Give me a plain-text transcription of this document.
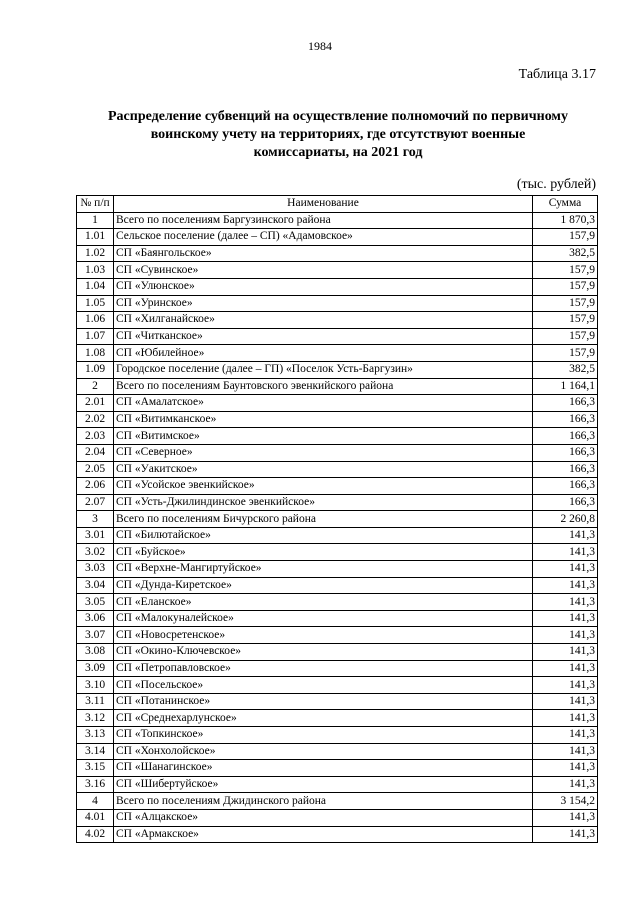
1984
Таблица 3.17
Распределение субвенций на осуществление полномочий по первичному
воинскому учету на территориях, где отсутствуют военные
комиссариаты, на 2021 год
(тыс. рублей)
№ п/п	Наименование	Сумма
1	Всего по поселениям Баргузинского района	1 870,3
1.01	Сельское поселение (далее – СП) «Адамовское»	157,9
1.02	СП «Баянгольское»	382,5
1.03	СП «Сувинское»	157,9
1.04	СП «Улюнское»	157,9
1.05	СП «Уринское»	157,9
1.06	СП «Хилганайское»	157,9
1.07	СП «Читканское»	157,9
1.08	СП «Юбилейное»	157,9
1.09	Городское поселение (далее – ГП) «Поселок Усть-Баргузин»	382,5
2	Всего по поселениям Баунтовского эвенкийского района	1 164,1
2.01	СП «Амалатское»	166,3
2.02	СП «Витимканское»	166,3
2.03	СП «Витимское»	166,3
2.04	СП «Северное»	166,3
2.05	СП «Уакитское»	166,3
2.06	СП «Усойское эвенкийское»	166,3
2.07	СП «Усть-Джилиндинское эвенкийское»	166,3
3	Всего по поселениям Бичурского района	2 260,8
3.01	СП «Билютайское»	141,3
3.02	СП «Буйское»	141,3
3.03	СП «Верхне-Мангиртуйское»	141,3
3.04	СП «Дунда-Киретское»	141,3
3.05	СП «Еланское»	141,3
3.06	СП «Малокуналейское»	141,3
3.07	СП «Новосретенское»	141,3
3.08	СП «Окино-Ключевское»	141,3
3.09	СП «Петропавловское»	141,3
3.10	СП «Посельское»	141,3
3.11	СП «Потанинское»	141,3
3.12	СП «Среднехарлунское»	141,3
3.13	СП «Топкинское»	141,3
3.14	СП «Хонхолойское»	141,3
3.15	СП «Шанагинское»	141,3
3.16	СП «Шибертуйское»	141,3
4	Всего по поселениям Джидинского района	3 154,2
4.01	СП «Алцакское»	141,3
4.02	СП «Армакское»	141,3
